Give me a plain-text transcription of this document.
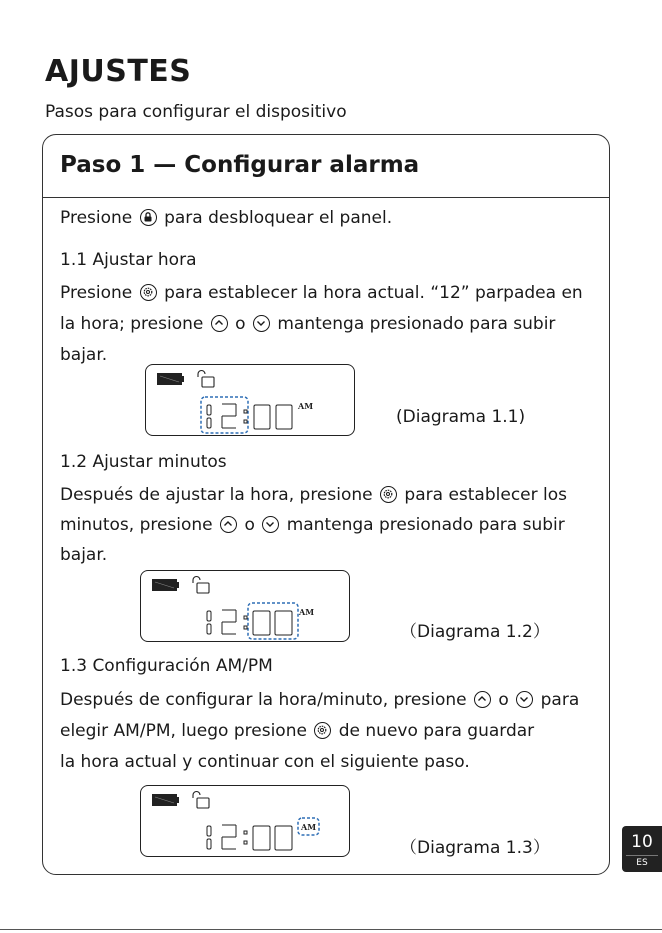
AJUSTES
Pasos para configurar el dispositivo
Paso 1 — Configurar alarma
Presione para desbloquear el panel.
1.1 Ajustar hora
Presione para establecer la hora actual. “12” parpadea en
la hora; presione o mantenga presionado para subir
bajar.
AM
(Diagrama 1.1)
1.2 Ajustar minutos
Después de ajustar la hora, presione para establecer los
minutos, presione o mantenga presionado para subir
bajar.
AM
（Diagrama 1.2）
1.3 Configuración AM/PM
Después de configurar la hora/minuto, presione o para
elegir AM/PM, luego presione de nuevo para guardar
la hora actual y continuar con el siguiente paso.
AM
（Diagrama 1.3）	10
ES
